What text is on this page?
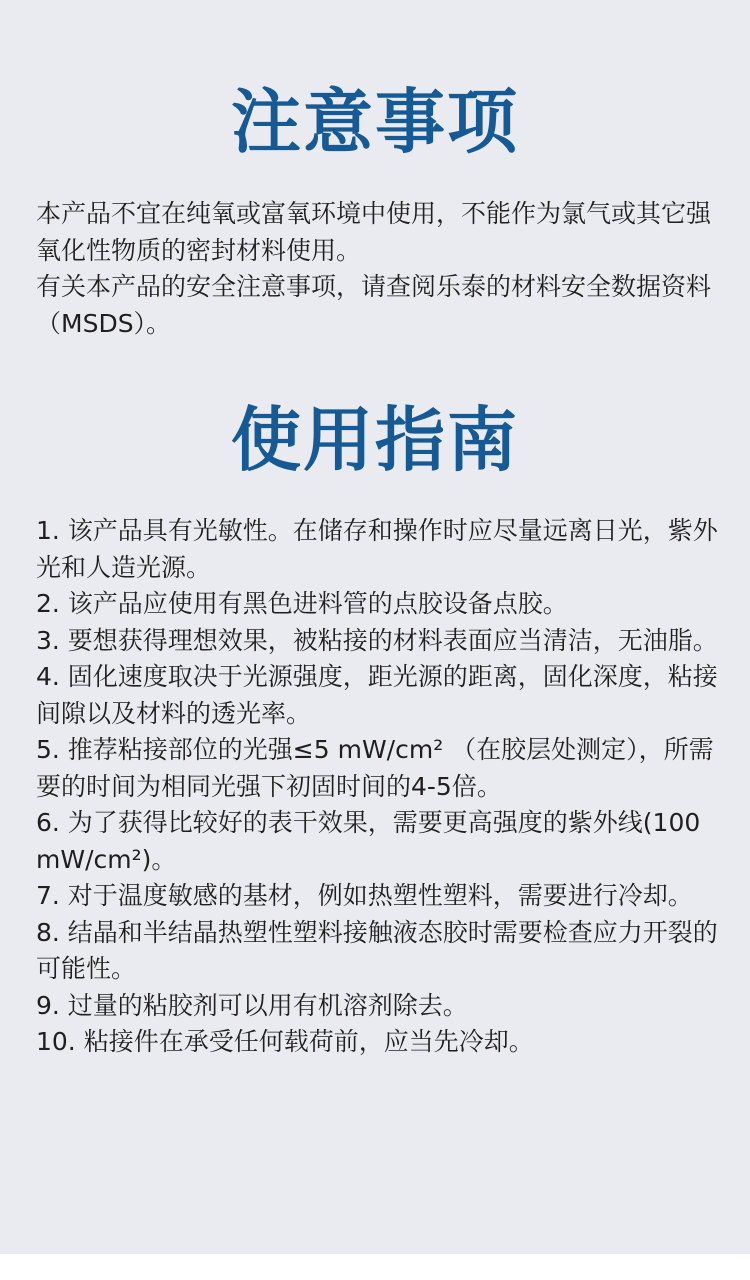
注意事项

本产品不宜在纯氧或富氧环境中使用，不能作为氯气或其它强氧化性物质的密封材料使用。

有关本产品的安全注意事项，请查阅乐泰的材料安全数据资料（MSDS）。

使用指南
1. 该产品具有光敏性。在储存和操作时应尽量远离日光，紫外光和人造光源。
2. 该产品应使用有黑色进料管的点胶设备点胶。
3. 要想获得理想效果，被粘接的材料表面应当清洁，无油脂。
4. 固化速度取决于光源强度，距光源的距离，固化深度，粘接间隙以及材料的透光率。
5. 推荐粘接部位的光强≤5 mW/cm² （在胶层处测定），所需要的时间为相同光强下初固时间的4-5倍。
6. 为了获得比较好的表干效果，需要更高强度的紫外线(100 mW/cm²)。
7. 对于温度敏感的基材，例如热塑性塑料，需要进行冷却。
8. 结晶和半结晶热塑性塑料接触液态胶时需要检查应力开裂的可能性。
9. 过量的粘胶剂可以用有机溶剂除去。
10. 粘接件在承受任何载荷前，应当先冷却。
